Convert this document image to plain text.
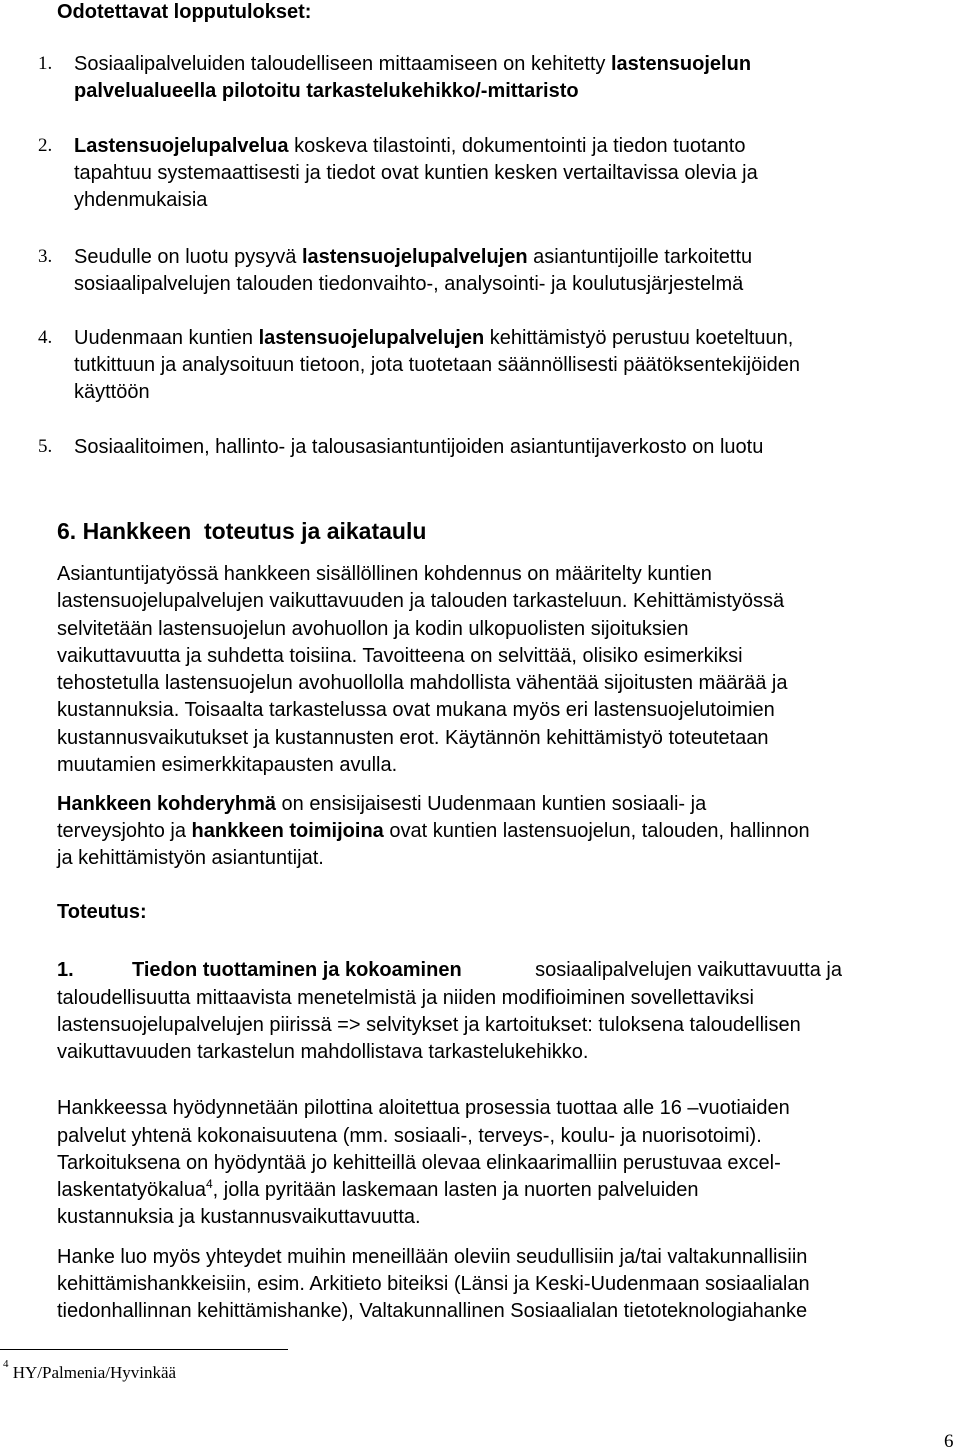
Odotettavat lopputulokset:
1. Sosiaalipalveluiden taloudelliseen mittaamiseen on kehitetty lastensuojelun
palvelualueella pilotoitu tarkastelukehikko/-mittaristo
2. Lastensuojelupalvelua koskeva tilastointi, dokumentointi ja tiedon tuotanto
tapahtuu systemaattisesti ja tiedot ovat kuntien kesken vertailtavissa olevia ja
yhdenmukaisia
3. Seudulle on luotu pysyvä lastensuojelupalvelujen asiantuntijoille tarkoitettu
sosiaalipalvelujen talouden tiedonvaihto-, analysointi- ja koulutusjärjestelmä
4. Uudenmaan kuntien lastensuojelupalvelujen kehittämistyö perustuu koeteltuun,
tutkittuun ja analysoituun tietoon, jota tuotetaan säännöllisesti päätöksentekijöiden
käyttöön
5. Sosiaalitoimen, hallinto- ja talousasiantuntijoiden asiantuntijaverkosto on luotu
6. Hankkeen  toteutus ja aikataulu
Asiantuntijatyössä hankkeen sisällöllinen kohdennus on määritelty kuntien
lastensuojelupalvelujen vaikuttavuuden ja talouden tarkasteluun. Kehittämistyössä
selvitetään lastensuojelun avohuollon ja kodin ulkopuolisten sijoituksien
vaikuttavuutta ja suhdetta toisiina. Tavoitteena on selvittää, olisiko esimerkiksi
tehostetulla lastensuojelun avohuollolla mahdollista vähentää sijoitusten määrää ja
kustannuksia. Toisaalta tarkastelussa ovat mukana myös eri lastensuojelutoimien
kustannusvaikutukset ja kustannusten erot. Käytännön kehittämistyö toteutetaan
muutamien esimerkkitapausten avulla.
Hankkeen kohderyhmä on ensisijaisesti Uudenmaan kuntien sosiaali- ja
terveysjohto ja hankkeen toimijoina ovat kuntien lastensuojelun, talouden, hallinnon
ja kehittämistyön asiantuntijat.
Toteutus:
1.	Tiedon tuottaminen ja kokoaminen	sosiaalipalvelujen vaikuttavuutta ja
taloudellisuutta mittaavista menetelmistä ja niiden modifioiminen sovellettaviksi
lastensuojelupalvelujen piirissä => selvitykset ja kartoitukset: tuloksena taloudellisen
vaikuttavuuden tarkastelun mahdollistava tarkastelukehikko.
Hankkeessa hyödynnetään pilottina aloitettua prosessia tuottaa alle 16 –vuotiaiden
palvelut yhtenä kokonaisuutena (mm. sosiaali-, terveys-, koulu- ja nuorisotoimi).
Tarkoituksena on hyödyntää jo kehitteillä olevaa elinkaarimalliin perustuvaa excel-
laskentatyökalua$^4$, jolla pyritään laskemaan lasten ja nuorten palveluiden
kustannuksia ja kustannusvaikuttavuutta.
Hanke luo myös yhteydet muihin meneillään oleviin seudullisiin ja/tai valtakunnallisiin
kehittämishankkeisiin, esim. Arkitieto biteiksi (Länsi ja Keski-Uudenmaan sosiaalialan
tiedonhallinnan kehittämishanke), Valtakunnallinen Sosiaalialan tietoteknologiahanke
$^4$ HY/Palmenia/Hyvinkää
6
